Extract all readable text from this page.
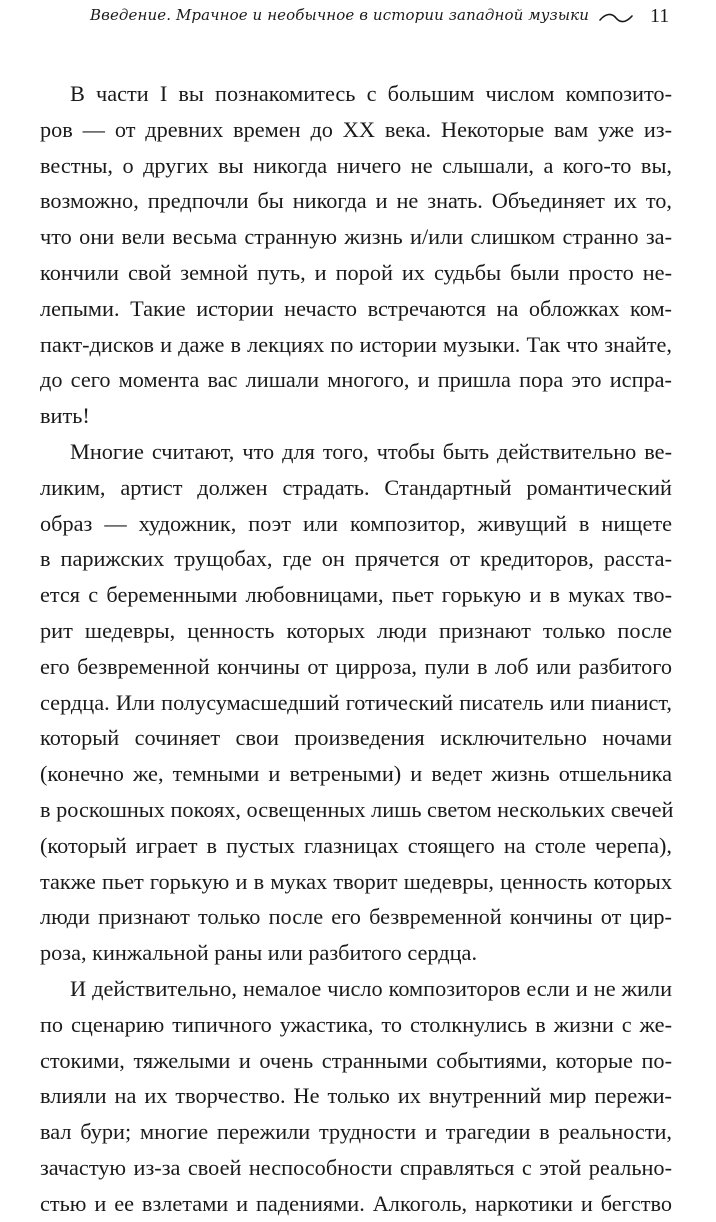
Введение. Мрачное и необычное в истории западной музыки	11
В части I вы познакомитесь с большим числом композито-
ров — от древних времен до XX века. Некоторые вам уже из-
вестны, о других вы никогда ничего не слышали, а кого-то вы,
возможно, предпочли бы никогда и не знать. Объединяет их то,
что они вели весьма странную жизнь и/или слишком странно за-
кончили свой земной путь, и порой их судьбы были просто не-
лепыми. Такие истории нечасто встречаются на обложках ком-
пакт-дисков и даже в лекциях по истории музыки. Так что знайте,
до сего момента вас лишали многого, и пришла пора это испра-
вить!
Многие считают, что для того, чтобы быть действительно ве-
ликим, артист должен страдать. Стандартный романтический
образ — художник, поэт или композитор, живущий в нищете
в парижских трущобах, где он прячется от кредиторов, расста-
ется с беременными любовницами, пьет горькую и в муках тво-
рит шедевры, ценность которых люди признают только после
его безвременной кончины от цирроза, пули в лоб или разбитого
сердца. Или полусумасшедший готический писатель или пианист,
который сочиняет свои произведения исключительно ночами
(конечно же, темными и ветреными) и ведет жизнь отшельника
в роскошных покоях, освещенных лишь светом нескольких свечей
(который играет в пустых глазницах стоящего на столе черепа),
также пьет горькую и в муках творит шедевры, ценность которых
люди признают только после его безвременной кончины от цир-
роза, кинжальной раны или разбитого сердца.
И действительно, немалое число композиторов если и не жили
по сценарию типичного ужастика, то столкнулись в жизни с же-
стокими, тяжелыми и очень странными событиями, которые по-
влияли на их творчество. Не только их внутренний мир пережи-
вал бури; многие пережили трудности и трагедии в реальности,
зачастую из-за своей неспособности справляться с этой реально-
стью и ее взлетами и падениями. Алкоголь, наркотики и бегство
